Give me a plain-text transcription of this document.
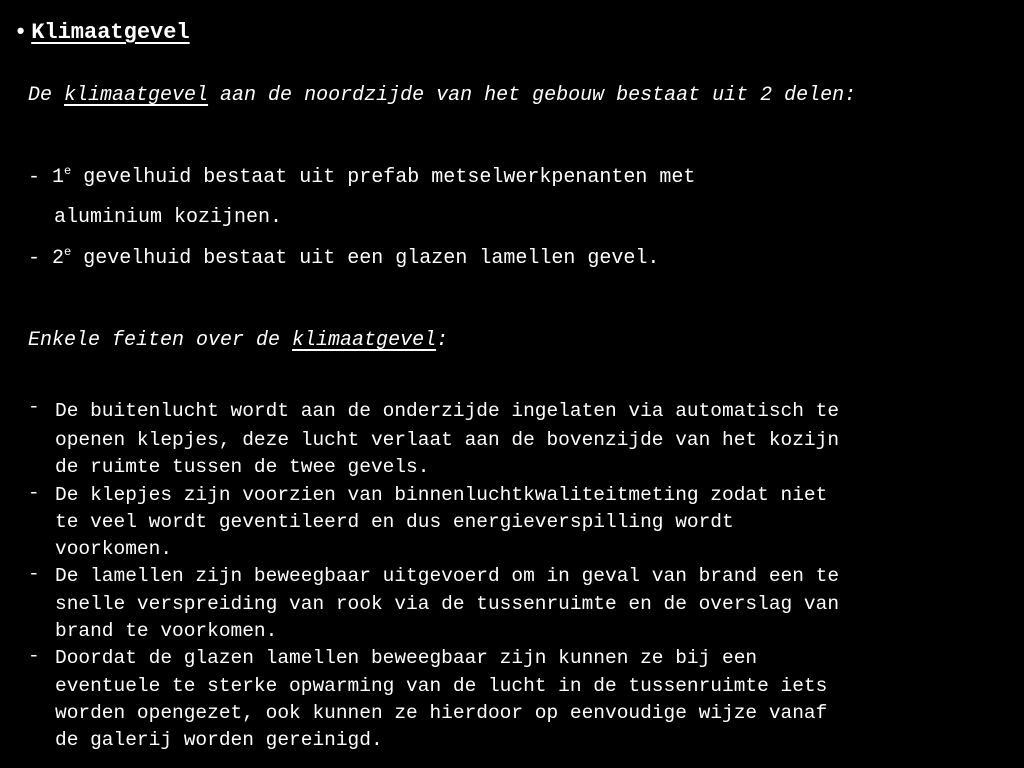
• Klimaatgevel
De klimaatgevel aan de noordzijde van het gebouw bestaat uit 2 delen:
- 1e gevelhuid bestaat uit prefab metselwerkpenanten met
aluminium kozijnen.
- 2e gevelhuid bestaat uit een glazen lamellen gevel.
Enkele feiten over de klimaatgevel:
- De buitenlucht wordt aan de onderzijde ingelaten via automatisch te
openen klepjes, deze lucht verlaat aan de bovenzijde van het kozijn
de ruimte tussen de twee gevels.
- De klepjes zijn voorzien van binnenluchtkwaliteitmeting zodat niet
te veel wordt geventileerd en dus energieverspilling wordt
voorkomen.
- De lamellen zijn beweegbaar uitgevoerd om in geval van brand een te
snelle verspreiding van rook via de tussenruimte en de overslag van
brand te voorkomen.
- Doordat de glazen lamellen beweegbaar zijn kunnen ze bij een
eventuele te sterke opwarming van de lucht in de tussenruimte iets
worden opengezet, ook kunnen ze hierdoor op eenvoudige wijze vanaf
de galerij worden gereinigd.
